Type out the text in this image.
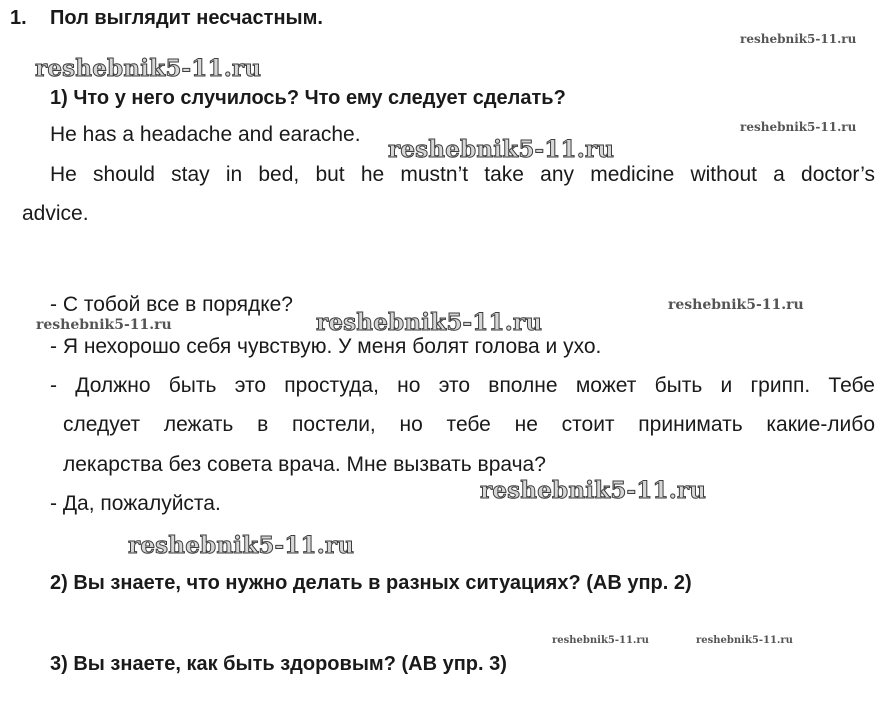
1. Пол выглядит несчастным.
1) Что у него случилось? Что ему следует сделать?
He has a headache and earache.
He should stay in bed, but he mustn’t take any medicine without a doctor’s
advice.
- С тобой все в порядке?
- Я нехорошо себя чувствую. У меня болят голова и ухо.
- Должно быть это простуда, но это вполне может быть и грипп. Тебе
следует лежать в постели, но тебе не стоит принимать какие-либо
лекарства без совета врача. Мне вызвать врача?
- Да, пожалуйста.
2) Вы знаете, что нужно делать в разных ситуациях? (AB упр. 2)
3) Вы знаете, как быть здоровым? (AB упр. 3)
reshebnik5-11.ru
reshebnik5-11.ru
reshebnik5-11.ru
reshebnik5-11.ru
reshebnik5-11.ru
reshebnik5-11.ru	reshebnik5-11.ru
reshebnik5-11.ru
reshebnik5-11.ru
reshebnik5-11.ru	reshebnik5-11.ru
